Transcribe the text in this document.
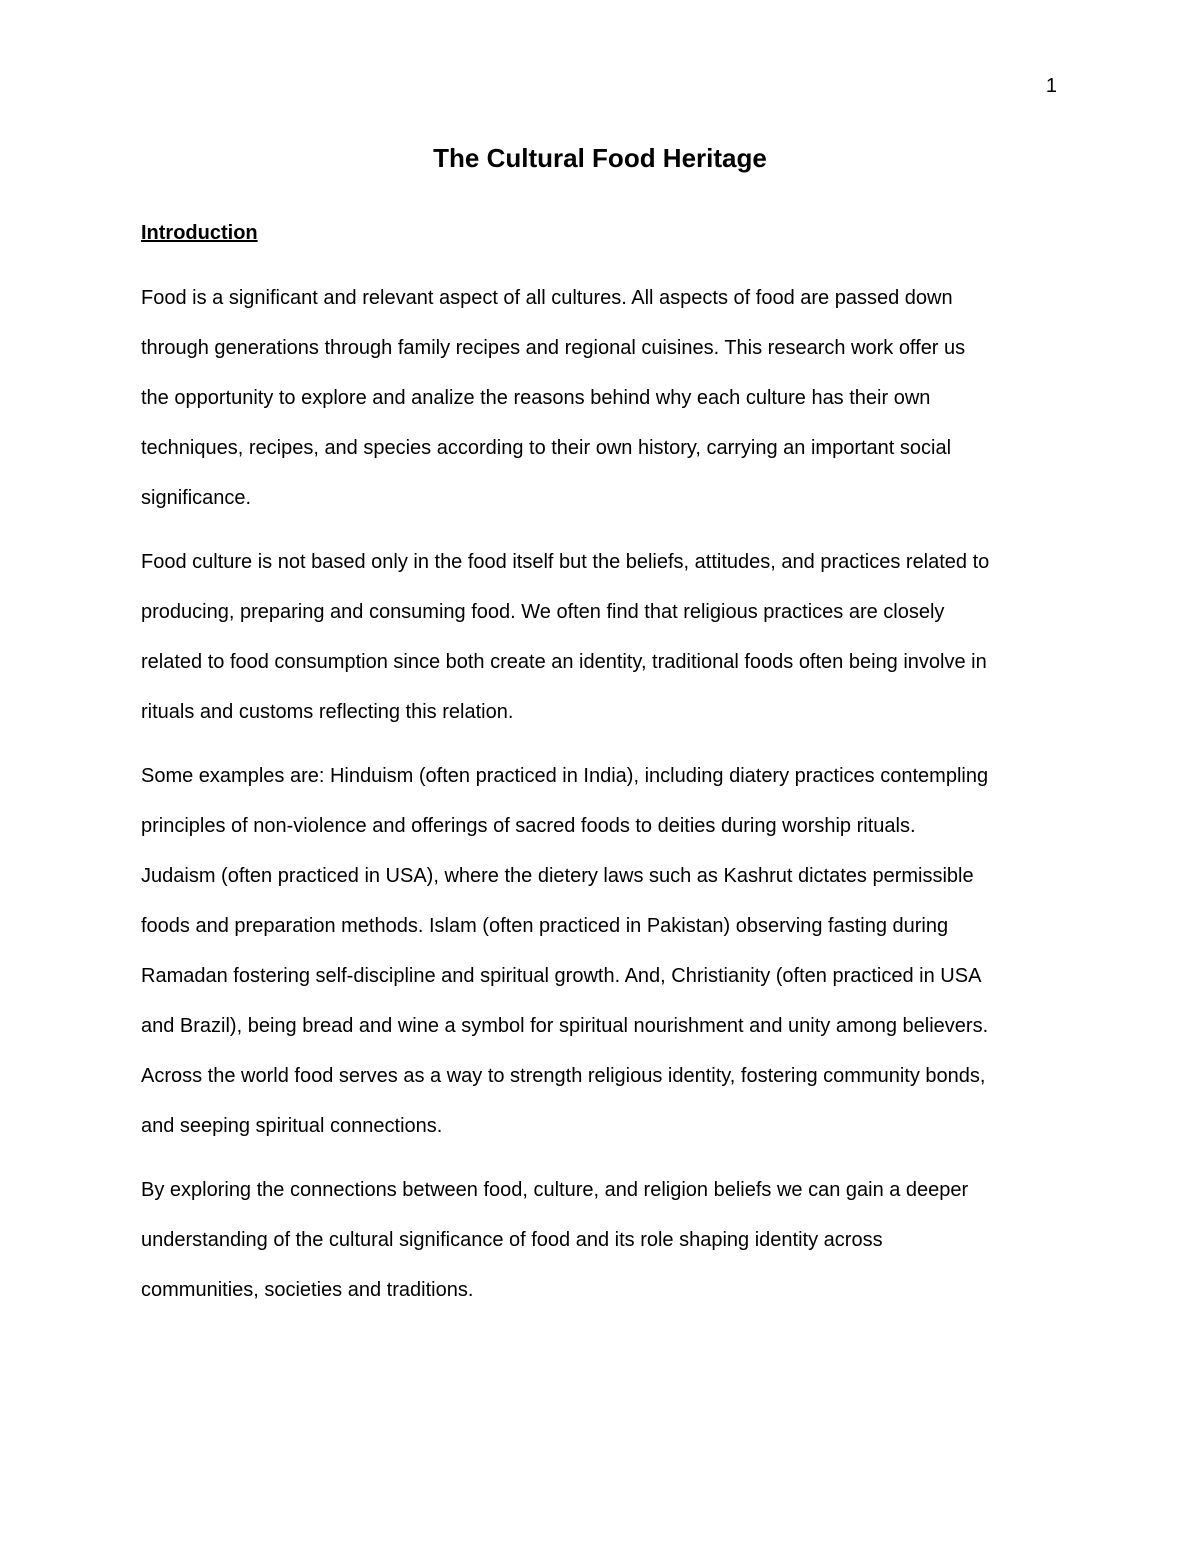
1
The Cultural Food Heritage
Introduction

Food is a significant and relevant aspect of all cultures. All aspects of food are passed down
through generations through family recipes and regional cuisines. This research work offer us
the opportunity to explore and analize the reasons behind why each culture has their own
techniques, recipes, and species according to their own history, carrying an important social
significance.

Food culture is not based only in the food itself but the beliefs, attitudes, and practices related to
producing, preparing and consuming food. We often find that religious practices are closely
related to food consumption since both create an identity, traditional foods often being involve in
rituals and customs reflecting this relation.

Some examples are: Hinduism (often practiced in India), including diatery practices contempling
principles of non-violence and offerings of sacred foods to deities during worship rituals.
Judaism (often practiced in USA), where the dietery laws such as Kashrut dictates permissible
foods and preparation methods. Islam (often practiced in Pakistan) observing fasting during
Ramadan fostering self-discipline and spiritual growth. And, Christianity (often practiced in USA
and Brazil), being bread and wine a symbol for spiritual nourishment and unity among believers.
Across the world food serves as a way to strength religious identity, fostering community bonds,
and seeping spiritual connections.

By exploring the connections between food, culture, and religion beliefs we can gain a deeper
understanding of the cultural significance of food and its role shaping identity across
communities, societies and traditions.
